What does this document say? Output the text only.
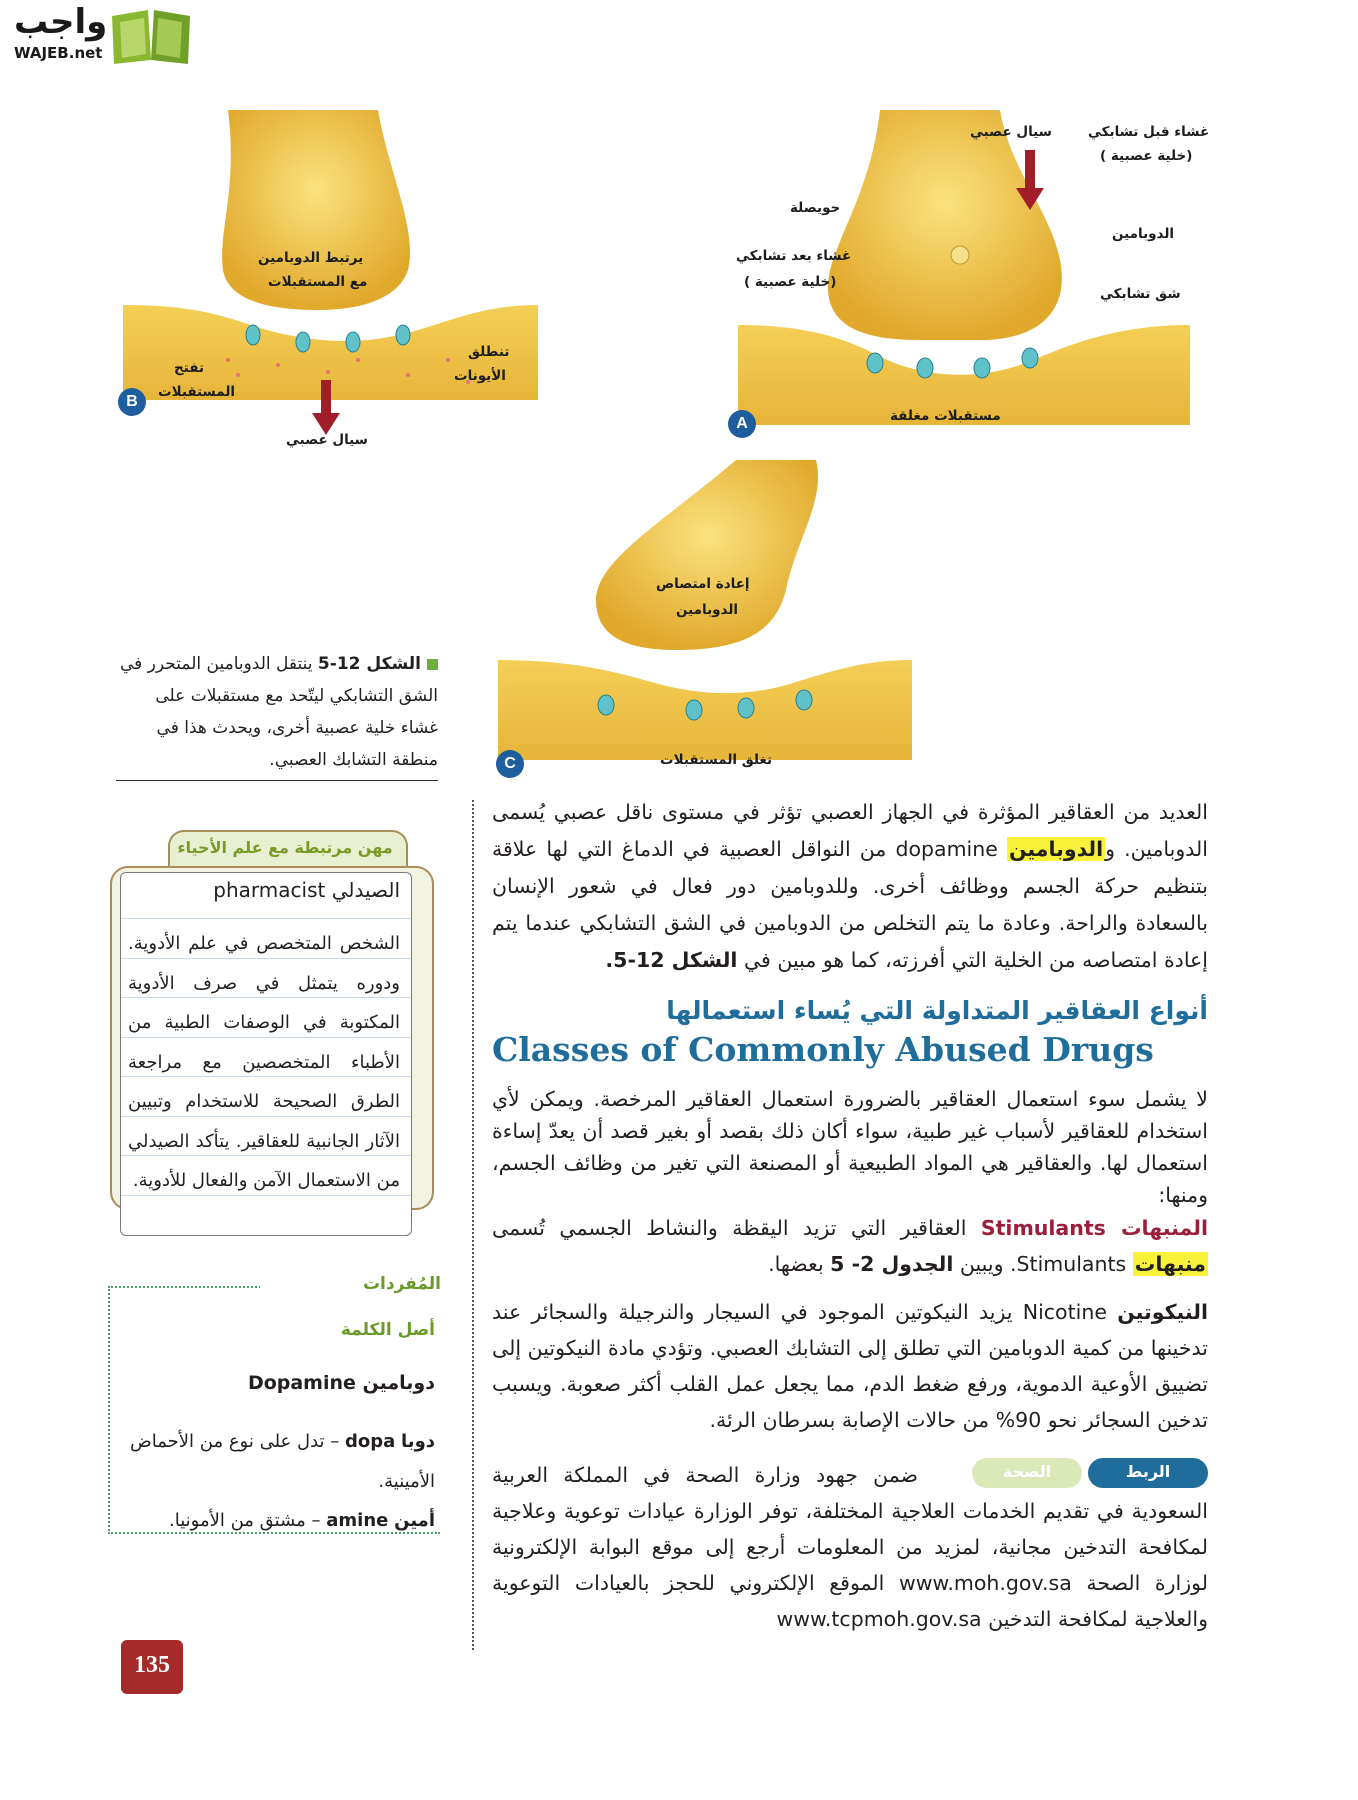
واجب
WAJEB.net
سيال عصبي	غشاء قبل تشابكي
(خلية عصبية )
حويصلة
الدوبامين
غشاء بعد تشابكي
(خلية عصبية )
شق تشابكي
مستقبلات مغلقة
A
يرتبط الدوبامين
مع المستقبلات
تفتح
المستقبلات
تنطلق
الأيونات
سيال عصبي
B
إعادة امتصاص
الدوبامين
تغلق المستقبلات
C
الشكل 12-5 ينتقل الدوبامين المتحرر في الشق التشابكي ليتّحد مع مستقبلات على غشاء خلية عصبية أخرى، ويحدث هذا في منطقة التشابك العصبي.
مهن مرتبطة مع علم الأحياء
الصيدلي pharmacist
الشخص المتخصص في علم الأدوية. ودوره يتمثل في صرف الأدوية المكتوبة في الوصفات الطبية من الأطباء المتخصصين مع مراجعة الطرق الصحيحة للاستخدام وتبيين الآثار الجانبية للعقاقير. يتأكد الصيدلي من الاستعمال الآمن والفعال للأدوية.
المُفردات
أصل الكلمة
دوبامين Dopamine
دوبا dopa – تدل على نوع من الأحماض الأمينية.
أمين amine – مشتق من الأمونيا.
135
العديد من العقاقير المؤثرة في الجهاز العصبي تؤثر في مستوى ناقل عصبي يُسمى الدوبامين. والدوبامين dopamine من النواقل العصبية في الدماغ التي لها علاقة بتنظيم حركة الجسم ووظائف أخرى. وللدوبامين دور فعال في شعور الإنسان بالسعادة والراحة. وعادة ما يتم التخلص من الدوبامين في الشق التشابكي عندما يتم إعادة امتصاصه من الخلية التي أفرزته، كما هو مبين في الشكل 12-5.
أنواع العقاقير المتداولة التي يُساء استعمالها
Classes of Commonly Abused Drugs
لا يشمل سوء استعمال العقاقير بالضرورة استعمال العقاقير المرخصة. ويمكن لأي استخدام للعقاقير لأسباب غير طبية، سواء أكان ذلك بقصد أو بغير قصد أن يعدّ إساءة استعمال لها. والعقاقير هي المواد الطبيعية أو المصنعة التي تغير من وظائف الجسم، ومنها:
المنبهات Stimulants العقاقير التي تزيد اليقظة والنشاط الجسمي تُسمى منبهات Stimulants. ويبين الجدول 2- 5 بعضها.
النيكوتين Nicotine يزيد النيكوتين الموجود في السيجار والنرجيلة والسجائر عند تدخينها من كمية الدوبامين التي تطلق إلى التشابك العصبي. وتؤدي مادة النيكوتين إلى تضييق الأوعية الدموية، ورفع ضغط الدم، مما يجعل عمل القلب أكثر صعوبة. ويسبب تدخين السجائر نحو 90% من حالات الإصابة بسرطان الرئة.
الربط
الصحة
ضمن جهود وزارة الصحة في المملكة العربية السعودية في تقديم الخدمات العلاجية المختلفة، توفر الوزارة عيادات توعوية وعلاجية لمكافحة التدخين مجانية، لمزيد من المعلومات أرجع إلى موقع البوابة الإلكترونية لوزارة الصحة www.moh.gov.sa الموقع الإلكتروني للحجز بالعيادات التوعوية والعلاجية لمكافحة التدخين www.tcpmoh.gov.sa
